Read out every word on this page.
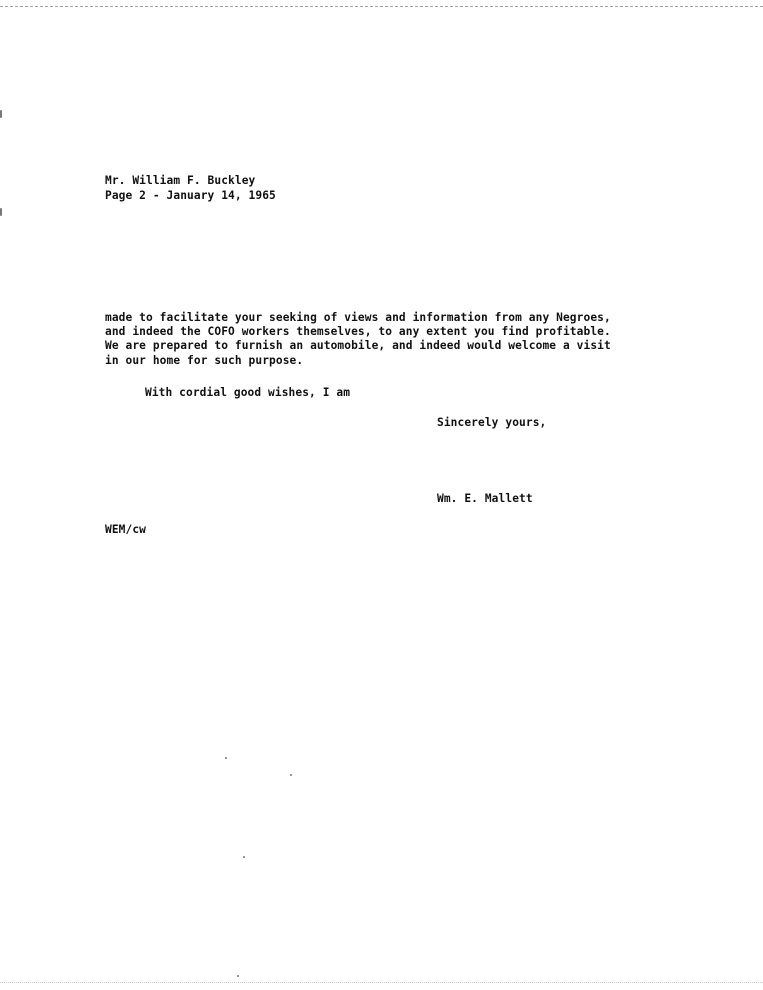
Mr. William F. Buckley
Page 2 - January 14, 1965
made to facilitate your seeking of views and information from any Negroes,
and indeed the COFO workers themselves, to any extent you find profitable.
We are prepared to furnish an automobile, and indeed would welcome a visit
in our home for such purpose.
With cordial good wishes, I am
Sincerely yours,
Wm. E. Mallett
WEM/cw
